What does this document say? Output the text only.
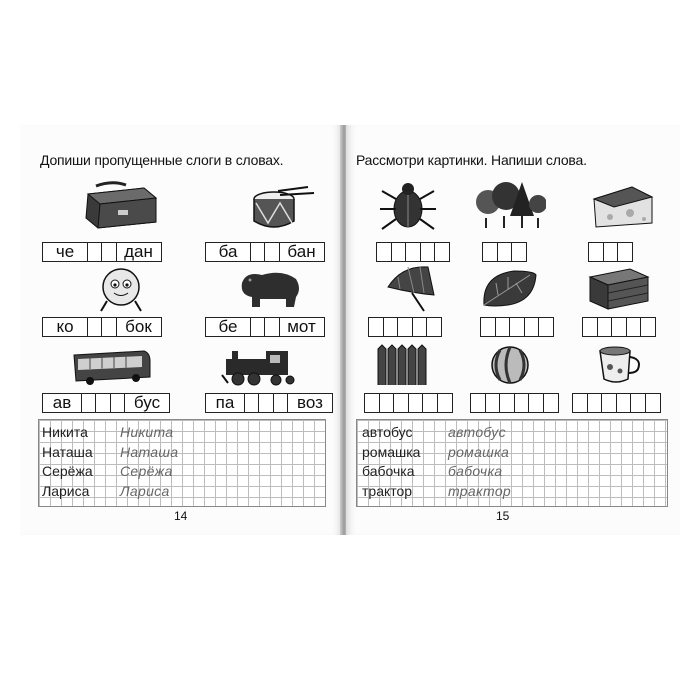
Допиши пропущенные слоги в словах.
че	дан	ба	бан
ко	бок	бе	мот
ав	бус	па	воз
Никита	Никита
Наташа	Наташа
Серёжа	Серёжа
Лариса	Лариса
14
Рассмотри картинки. Напиши слова.
автобус	автобус
ромашка	ромашка
бабочка	бабочка
трактор	трактор
15
